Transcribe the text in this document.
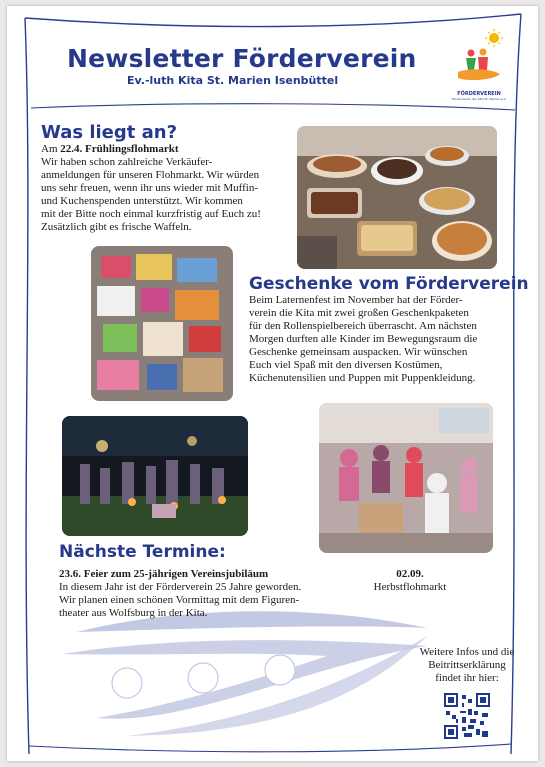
Newsletter Förderverein
Ev.-luth Kita St. Marien Isenbüttel
FÖRDERVEREIN
Förderverein der Kita St. Marien e.V.
Was liegt an?
Am 22.4. Frühlingsflohmarkt
Wir haben schon zahlreiche Verkäufer-
anmeldungen für unseren Flohmarkt. Wir würden
uns sehr freuen, wenn ihr uns wieder mit Muffin-
und Kuchenspenden unterstützt. Wir kommen
mit der Bitte noch einmal kurzfristig auf Euch zu!
Zusätzlich gibt es frische Waffeln.
Geschenke vom Förderverein
Beim Laternenfest im November hat der Förder-
verein die Kita mit zwei großen Geschenkpaketen
für den Rollenspielbereich überrascht. Am nächsten
Morgen durften alle Kinder im Bewegungsraum die
Geschenke gemeinsam auspacken. Wir wünschen
Euch viel Spaß mit den diversen Kostümen,
Küchenutensilien und Puppen mit Puppenkleidung.
Nächste Termine:
23.6. Feier zum 25-jährigen Vereinsjubiläum
In diesem Jahr ist der Förderverein 25 Jahre geworden.
Wir planen einen schönen Vormittag mit dem Figuren-
theater aus Wolfsburg in der Kita.
02.09.
Herbstflohmarkt
Weitere Infos und die
Beitrittserklärung
findet ihr hier:
